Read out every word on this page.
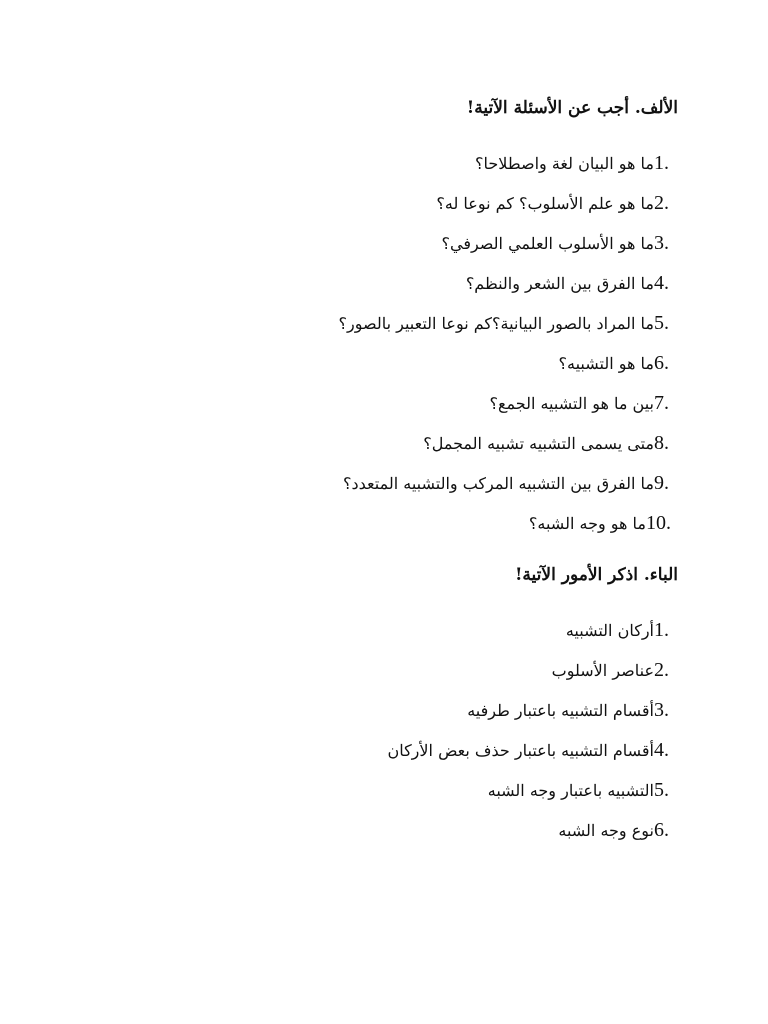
الألف. أجب عن الأسئلة الآتية!
1.
ما هو البيان لغة واصطلاحا؟
2.
ما هو علم الأسلوب؟ كم نوعا له؟
3.
ما هو الأسلوب العلمي الصرفي؟
4.
ما الفرق بين الشعر والنظم؟
5.
ما المراد بالصور البيانية؟كم نوعا التعبير بالصور؟
6.
ما هو التشبيه؟
7.
بين ما هو التشبيه الجمع؟
8.
متى يسمى التشبيه تشبيه المجمل؟
9.
ما الفرق بين التشبيه المركب والتشبيه المتعدد؟
10.
ما هو وجه الشبه؟
الباء. اذكر الأمور الآتية!
1.
أركان التشبيه
2.
عناصر الأسلوب
3.
أقسام التشبيه باعتبار طرفيه
4.
أقسام التشبيه باعتبار حذف بعض الأركان
5.
التشبيه باعتبار وجه الشبه
6.
نوع وجه الشبه
